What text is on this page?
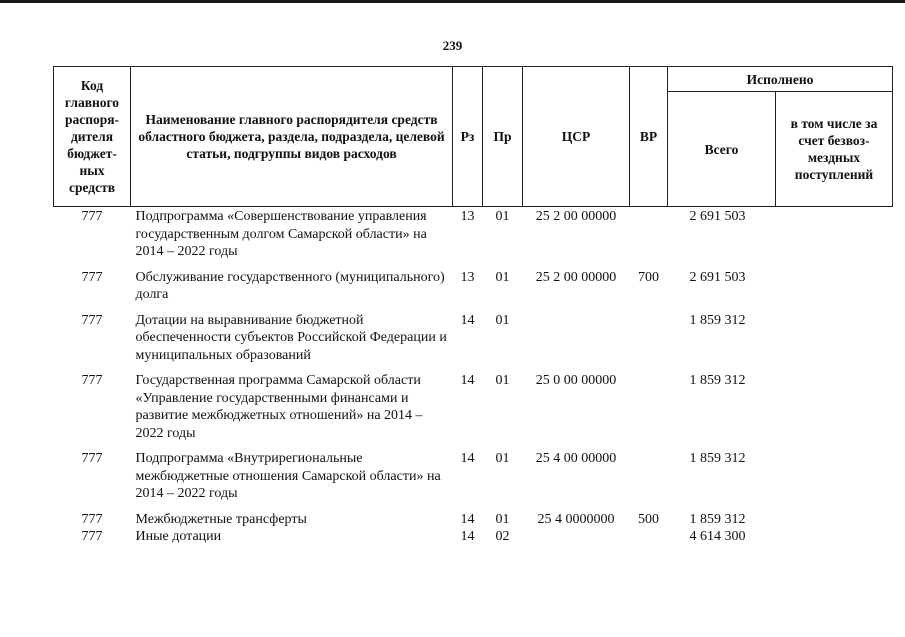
239
Код главного распоря-дителя бюджет-ных средств	Наименование главного распорядителя средств областного бюджета, раздела, подраздела, целевой статьи, подгруппы видов расходов	Рз	Пр	ЦСР	ВР	Исполнено	
						Всего	в том числе за счет безвоз-мездных поступлений
777	Подпрограмма «Совершенствование управления государственным долгом Самарской области» на 2014 – 2022 годы	13	01	25 2 00 00000		2 691 503	

777	Обслуживание государственного (муниципального) долга	13	01	25 2 00 00000	700	2 691 503	

777	Дотации на выравнивание бюджетной обеспеченности субъектов Российской Федерации и муниципальных образований	14	01			1 859 312	

777	Государственная программа Самарской области «Управление государственными финансами и развитие межбюджетных отношений» на 2014 – 2022 годы	14	01	25 0 00 00000		1 859 312	

777	Подпрограмма «Внутрирегиональные межбюджетные отношения Самарской области» на 2014 – 2022 годы	14	01	25 4 00 00000		1 859 312	

777	Межбюджетные трансферты	14	01	25 4 0000000	500	1 859 312	
777	Иные дотации	14	02			4 614 300	
